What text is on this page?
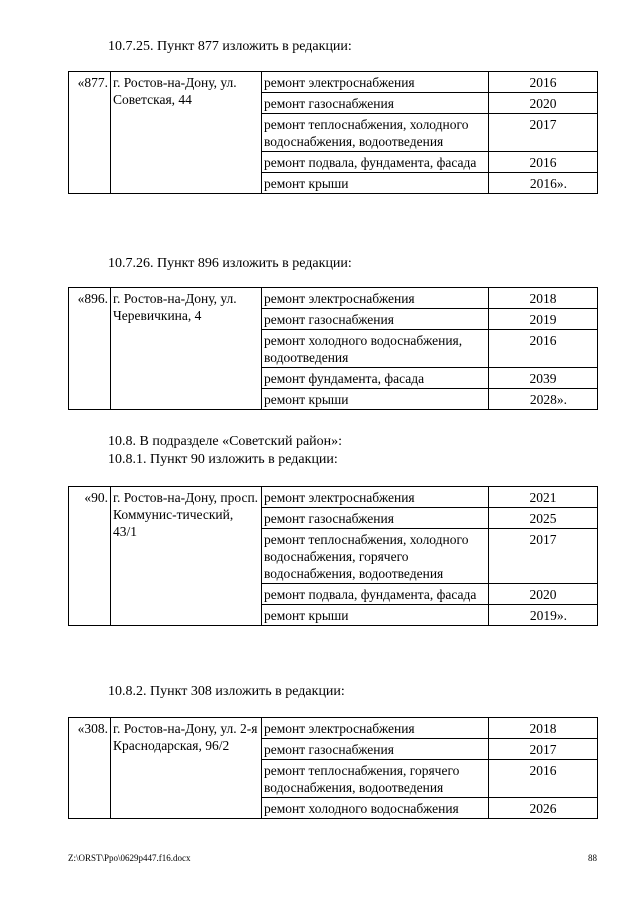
10.7.25. Пункт 877 изложить в редакции:
«877.	г. Ростов-на-Дону, ул. Советская, 44	ремонт электроснабжения	2016
		ремонт газоснабжения	2020
		ремонт теплоснабжения, холодного водоснабжения, водоотведения	2017
		ремонт подвала, фундамента, фасада	2016
		ремонт крыши	2016».
10.7.26. Пункт 896 изложить в редакции:
«896.	г. Ростов-на-Дону, ул. Черевичкина, 4	ремонт электроснабжения	2018
		ремонт газоснабжения	2019
		ремонт холодного водоснабжения, водоотведения	2016
		ремонт фундамента, фасада	2039
		ремонт крыши	2028».
10.8. В подразделе «Советский район»:
10.8.1. Пункт 90 изложить в редакции:
«90.	г. Ростов-на-Дону, просп. Коммунис-тический, 43/1	ремонт электроснабжения	2021
		ремонт газоснабжения	2025
		ремонт теплоснабжения, холодного водоснабжения, горячего водоснабжения, водоотведения	2017
		ремонт подвала, фундамента, фасада	2020
		ремонт крыши	2019».
10.8.2. Пункт 308 изложить в редакции:
«308.	г. Ростов-на-Дону, ул. 2-я Краснодарская, 96/2	ремонт электроснабжения	2018
		ремонт газоснабжения	2017
		ремонт теплоснабжения, горячего водоснабжения, водоотведения	2016
		ремонт холодного водоснабжения	2026
Z:\ORST\Ppo\0629p447.f16.docx	88
